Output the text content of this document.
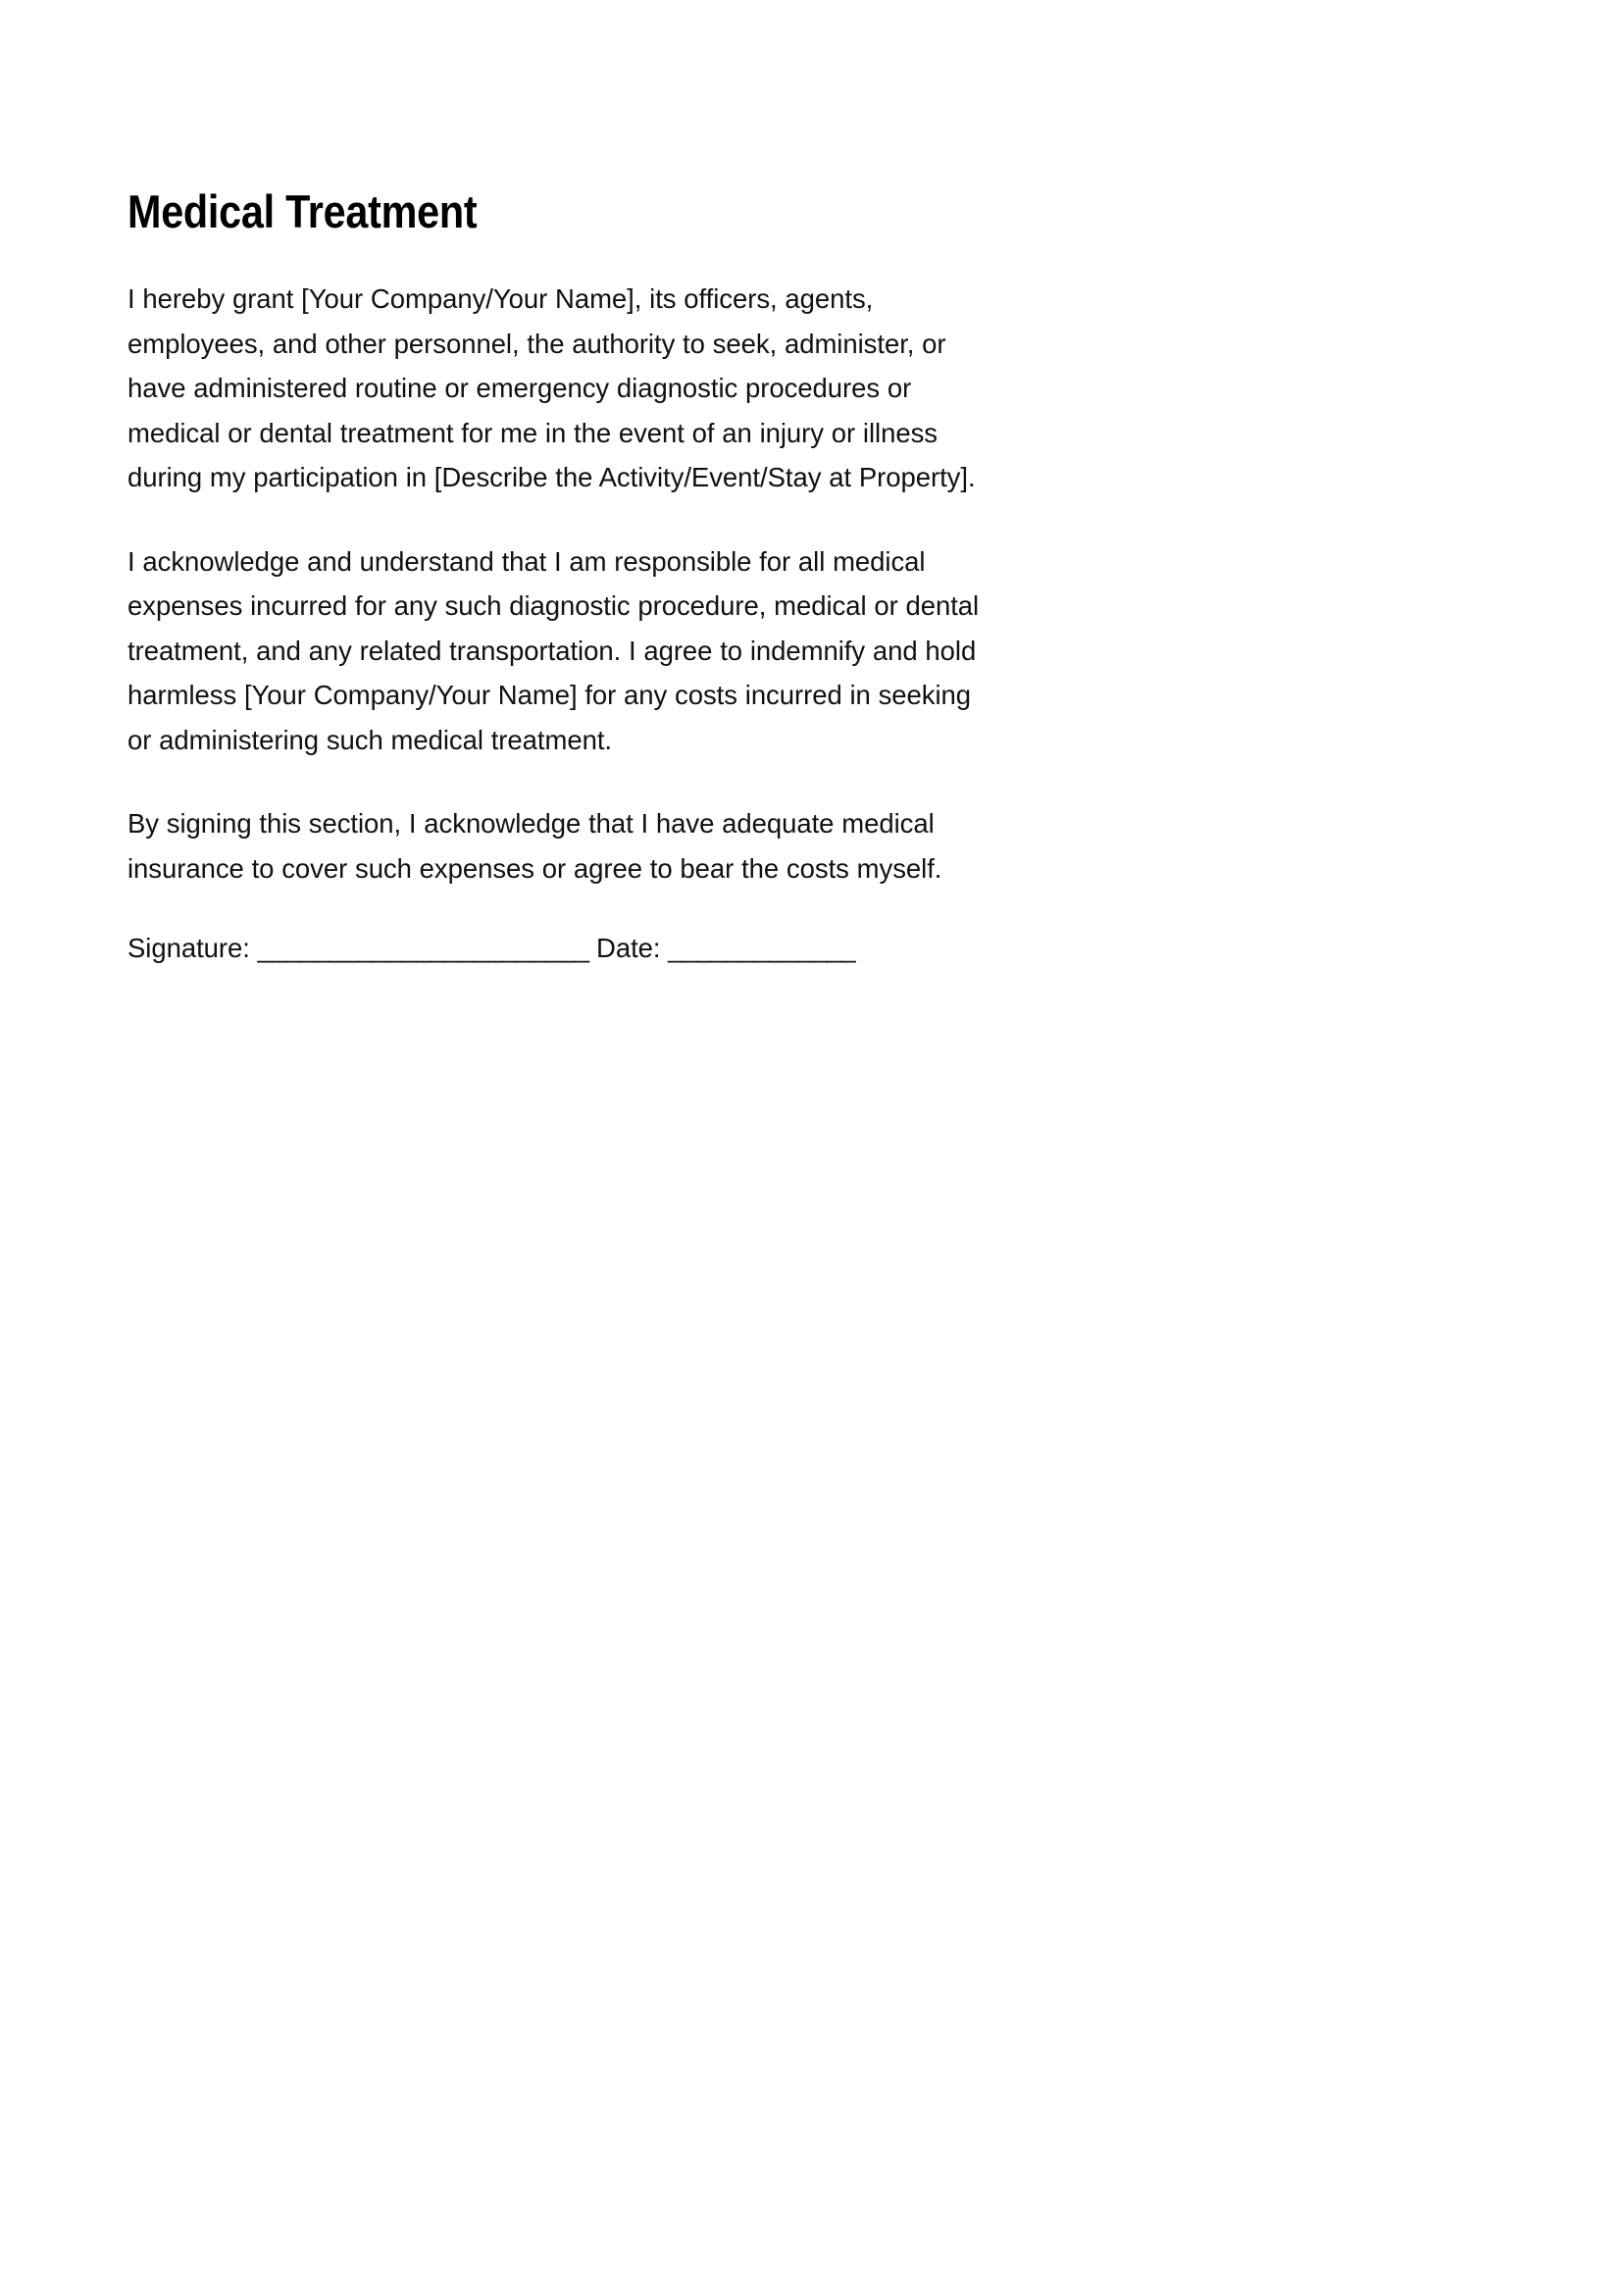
Medical Treatment

I hereby grant [Your Company/Your Name], its officers, agents, employees, and other personnel, the authority to seek, administer, or have administered routine or emergency diagnostic procedures or medical or dental treatment for me in the event of an injury or illness during my participation in [Describe the Activity/Event/Stay at Property].

I acknowledge and understand that I am responsible for all medical expenses incurred for any such diagnostic procedure, medical or dental treatment, and any related transportation. I agree to indemnify and hold harmless [Your Company/Your Name] for any costs incurred in seeking or administering such medical treatment.

By signing this section, I acknowledge that I have adequate medical insurance to cover such expenses or agree to bear the costs myself.

Signature: _______________________ Date: _____________
